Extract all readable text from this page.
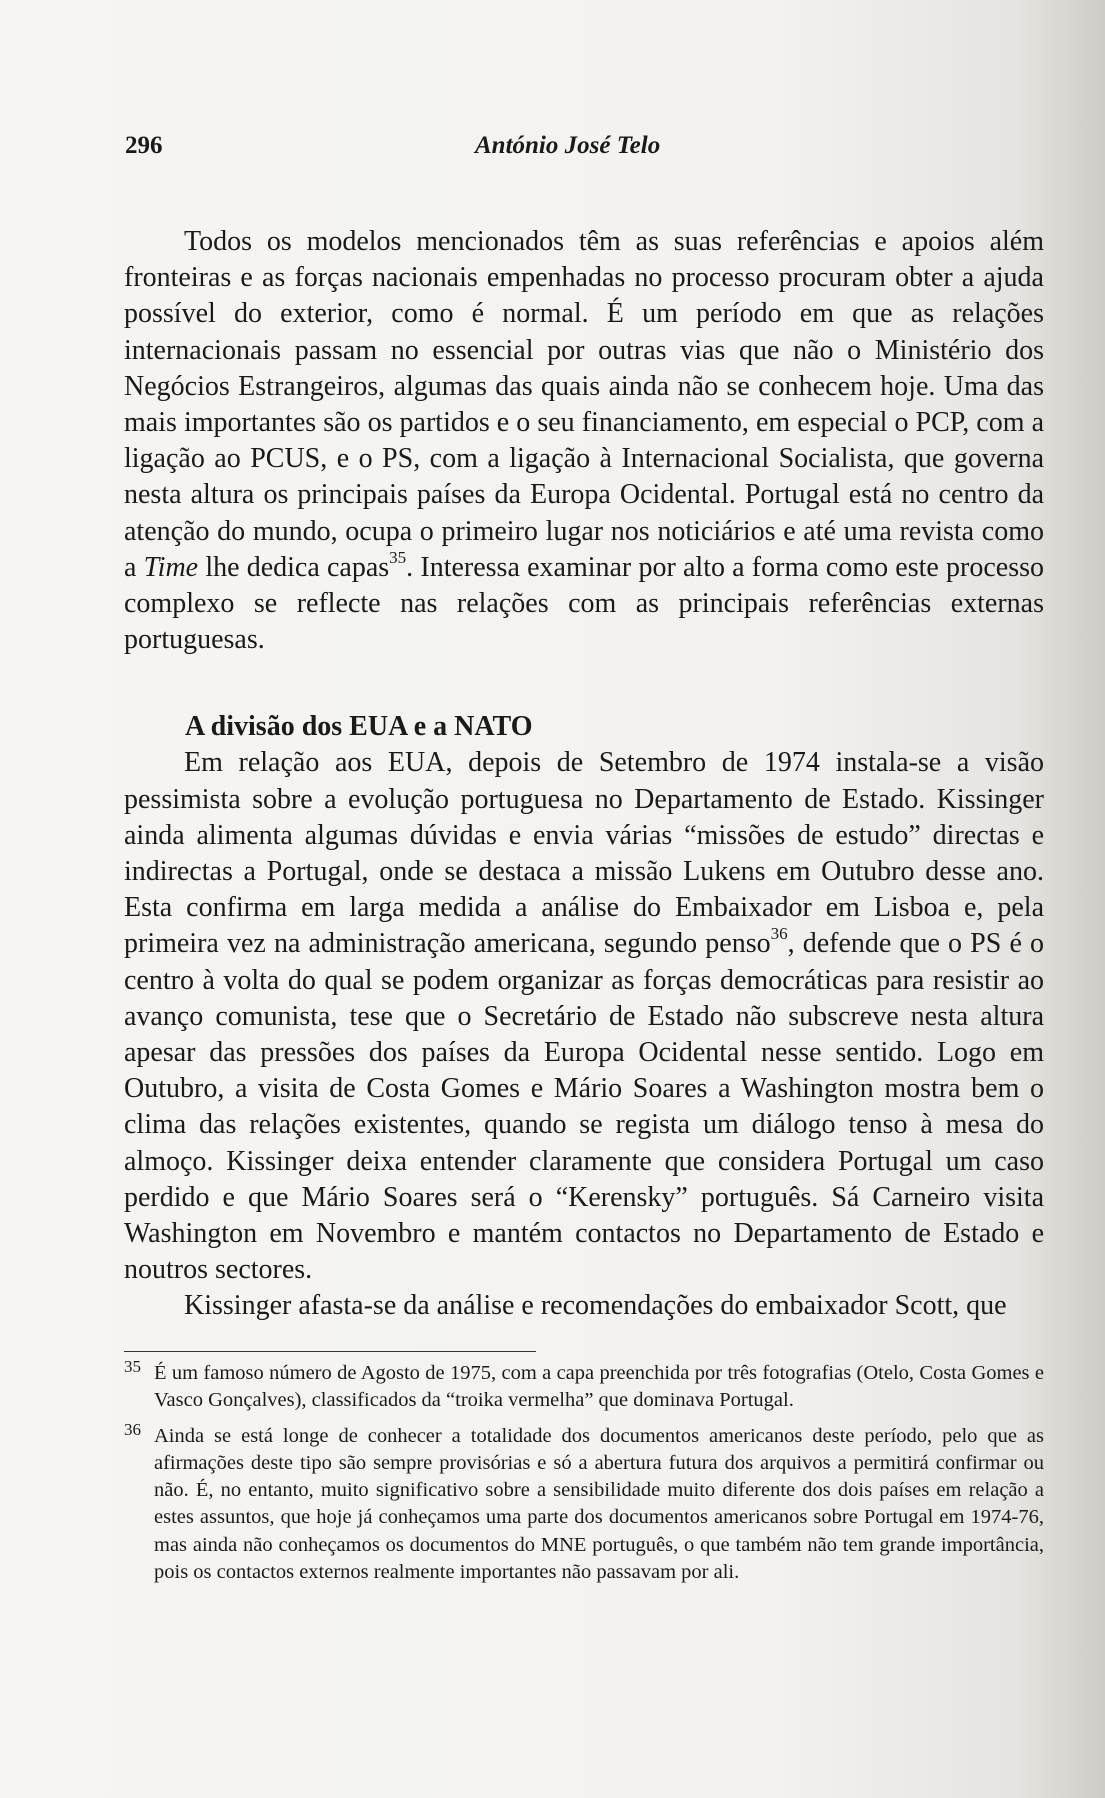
296	António José Telo

Todos os modelos mencionados têm as suas referências e apoios além fronteiras e as forças nacionais empenhadas no processo procuram obter a ajuda possível do exterior, como é normal. É um período em que as relações internacionais passam no essencial por outras vias que não o Ministério dos Negócios Estrangeiros, algumas das quais ainda não se conhecem hoje. Uma das mais importantes são os partidos e o seu financiamento, em especial o PCP, com a ligação ao PCUS, e o PS, com a ligação à Internacional Socialista, que governa nesta altura os principais países da Europa Ocidental. Portugal está no centro da atenção do mundo, ocupa o primeiro lugar nos noticiários e até uma revista como a Time lhe dedica capas$^{35}$. Interessa examinar por alto a forma como este processo complexo se reflecte nas relações com as principais referências externas portuguesas.

A divisão dos EUA e a NATO

Em relação aos EUA, depois de Setembro de 1974 instala-se a visão pessimista sobre a evolução portuguesa no Departamento de Estado. Kissinger ainda alimenta algumas dúvidas e envia várias “missões de estudo” directas e indirectas a Portugal, onde se destaca a missão Lukens em Outubro desse ano. Esta confirma em larga medida a análise do Embaixador em Lisboa e, pela primeira vez na administração americana, segundo penso$^{36}$, defende que o PS é o centro à volta do qual se podem organizar as forças democráticas para resistir ao avanço comunista, tese que o Secretário de Estado não subscreve nesta altura apesar das pressões dos países da Europa Ocidental nesse sentido. Logo em Outubro, a visita de Costa Gomes e Mário Soares a Washington mostra bem o clima das relações existentes, quando se regista um diálogo tenso à mesa do almoço. Kissinger deixa entender claramente que considera Portugal um caso perdido e que Mário Soares será o “Kerensky” português. Sá Carneiro visita Washington em Novembro e mantém contactos no Departamento de Estado e noutros sectores.

Kissinger afasta-se da análise e recomendações do embaixador Scott, que

35 É um famoso número de Agosto de 1975, com a capa preenchida por três fotografias (Otelo, Costa Gomes e Vasco Gonçalves), classificados da “troika vermelha” que dominava Portugal.

36 Ainda se está longe de conhecer a totalidade dos documentos americanos deste período, pelo que as afirmações deste tipo são sempre provisórias e só a abertura futura dos arquivos a permitirá confirmar ou não. É, no entanto, muito significativo sobre a sensibilidade muito diferente dos dois países em relação a estes assuntos, que hoje já conheçamos uma parte dos documentos americanos sobre Portugal em 1974-76, mas ainda não conheçamos os documentos do MNE português, o que também não tem grande importância, pois os contactos externos realmente importantes não passavam por ali.
